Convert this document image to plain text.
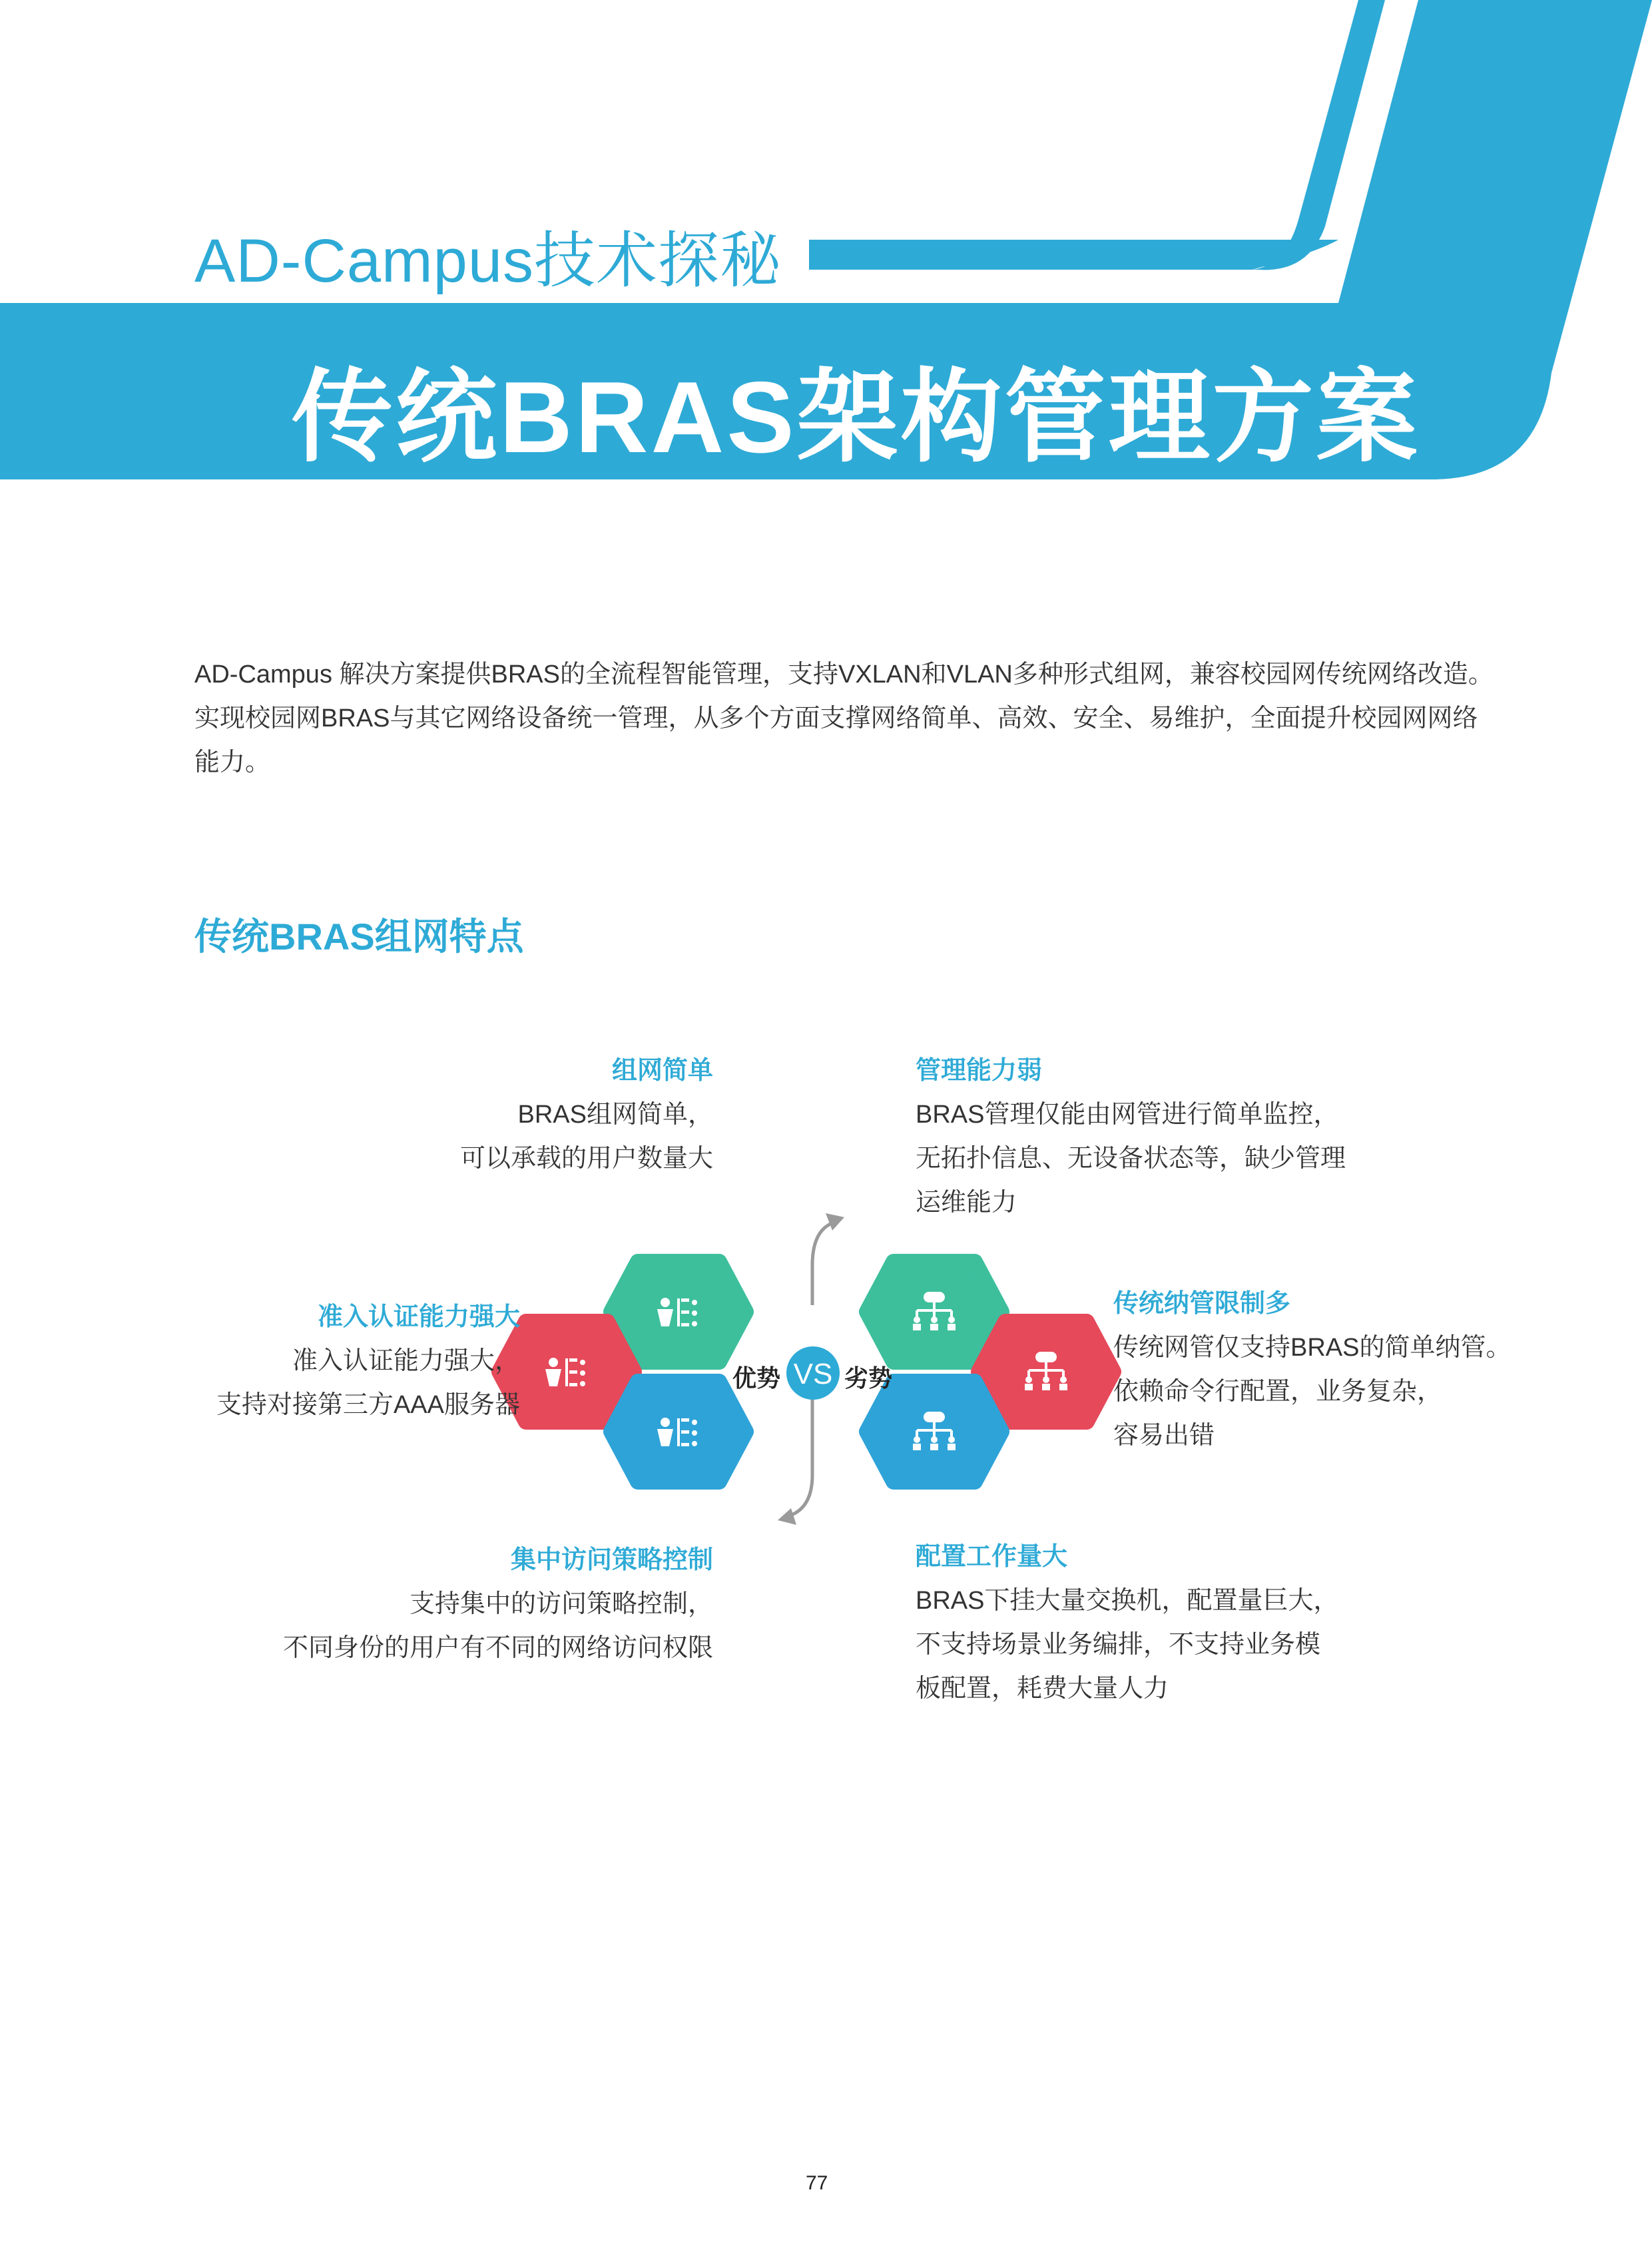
AD-Campus技术探秘
传统BRAS架构管理方案
AD-Campus 解决方案提供BRAS的全流程智能管理，支持VXLAN和VLAN多种形式组网，兼容校园网传统网络改造。实现校园网BRAS与其它网络设备统一管理，从多个方面支撑网络简单、高效、安全、易维护，全面提升校园网网络能力。
传统BRAS组网特点
VS
优势	劣势
组网简单
BRAS组网简单，
可以承载的用户数量大
准入认证能力强大
准入认证能力强大，
支持对接第三方AAA服务器
集中访问策略控制
支持集中的访问策略控制，
不同身份的用户有不同的网络访问权限
管理能力弱
BRAS管理仅能由网管进行简单监控，
无拓扑信息、无设备状态等，缺少管理
运维能力
传统纳管限制多
传统网管仅支持BRAS的简单纳管。
依赖命令行配置，业务复杂，
容易出错
配置工作量大
BRAS下挂大量交换机，配置量巨大，
不支持场景业务编排，不支持业务模
板配置，耗费大量人力
77
